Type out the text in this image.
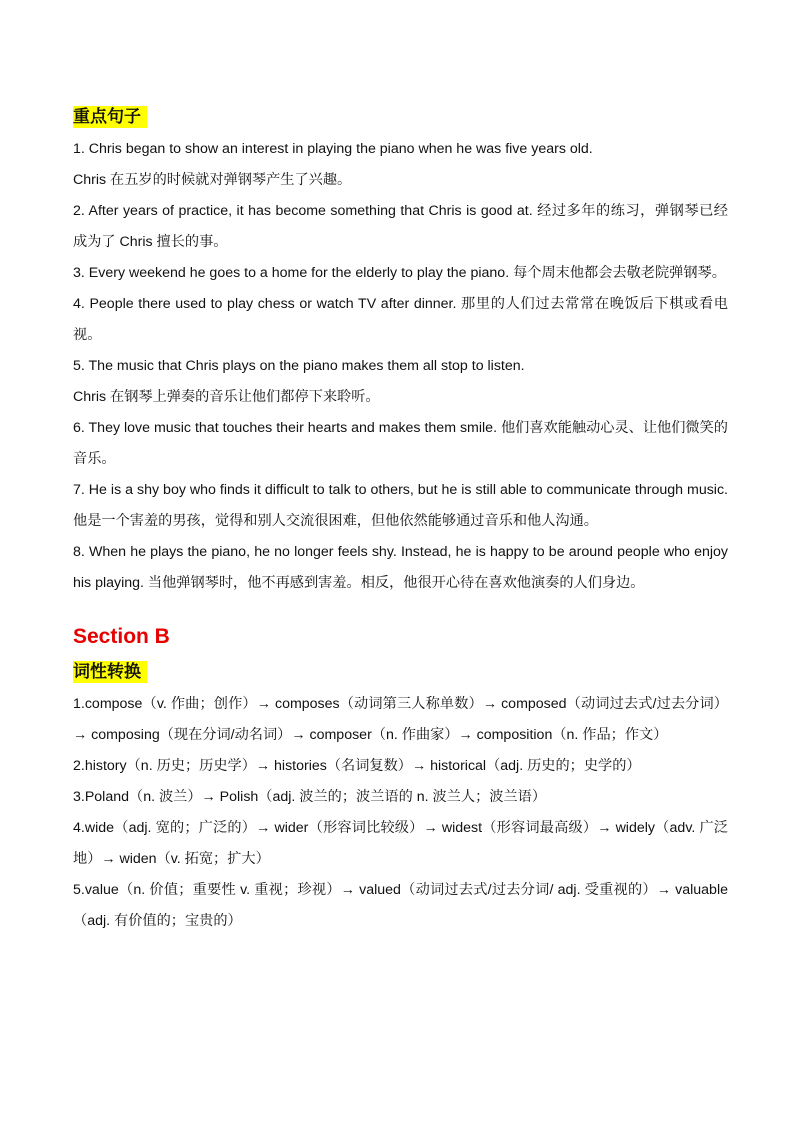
重点句子

1. Chris began to show an interest in playing the piano when he was five years old.

Chris 在五岁的时候就对弹钢琴产生了兴趣。

2. After years of practice, it has become something that Chris is good at. 经过多年的练习，弹钢琴已经成为了 Chris 擅长的事。

3. Every weekend he goes to a home for the elderly to play the piano. 每个周末他都会去敬老院弹钢琴。

4. People there used to play chess or watch TV after dinner. 那里的人们过去常常在晚饭后下棋或看电视。

5. The music that Chris plays on the piano makes them all stop to listen.

Chris 在钢琴上弹奏的音乐让他们都停下来聆听。

6. They love music that touches their hearts and makes them smile. 他们喜欢能触动心灵、让他们微笑的音乐。

7. He is a shy boy who finds it difficult to talk to others, but he is still able to communicate through music. 他是一个害羞的男孩，觉得和别人交流很困难，但他依然能够通过音乐和他人沟通。

8. When he plays the piano, he no longer feels shy. Instead, he is happy to be around people who enjoy his playing. 当他弹钢琴时，他不再感到害羞。相反，他很开心待在喜欢他演奏的人们身边。

Section B
词性转换

1.compose（v. 作曲；创作）→ composes（动词第三人称单数）→ composed（动词过去式/过去分词）→ composing（现在分词/动名词）→ composer（n. 作曲家）→ composition（n. 作品；作文）

2.history（n. 历史；历史学）→ histories（名词复数）→ historical（adj. 历史的；史学的）

3.Poland（n. 波兰）→ Polish（adj. 波兰的；波兰语的 n. 波兰人；波兰语）

4.wide（adj. 宽的；广泛的）→ wider（形容词比较级）→ widest（形容词最高级）→ widely（adv. 广泛地）→ widen（v. 拓宽；扩大）

5.value（n. 价值；重要性 v. 重视；珍视）→ valued（动词过去式/过去分词/ adj. 受重视的）→ valuable（adj. 有价值的；宝贵的）
